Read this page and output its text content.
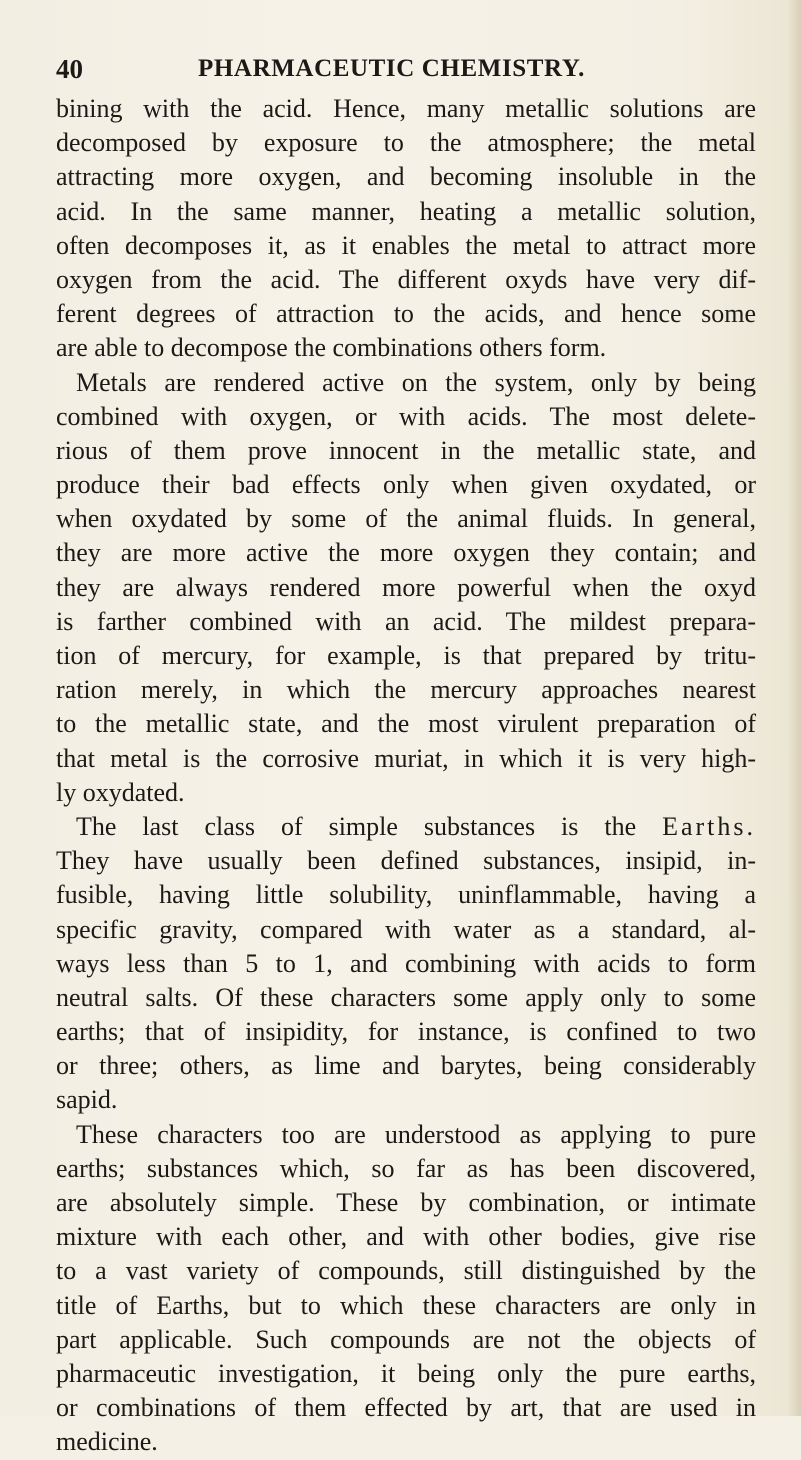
40	PHARMACEUTIC CHEMISTRY.
bining with the acid. Hence, many metallic solutions are
decomposed by exposure to the atmosphere; the metal
attracting more oxygen, and becoming insoluble in the
acid. In the same manner, heating a metallic solution,
often decomposes it, as it enables the metal to attract more
oxygen from the acid. The different oxyds have very dif-
ferent degrees of attraction to the acids, and hence some
are able to decompose the combinations others form.
Metals are rendered active on the system, only by being
combined with oxygen, or with acids. The most delete-
rious of them prove innocent in the metallic state, and
produce their bad effects only when given oxydated, or
when oxydated by some of the animal fluids. In general,
they are more active the more oxygen they contain; and
they are always rendered more powerful when the oxyd
is farther combined with an acid. The mildest prepara-
tion of mercury, for example, is that prepared by tritu-
ration merely, in which the mercury approaches nearest
to the metallic state, and the most virulent preparation of
that metal is the corrosive muriat, in which it is very high-
ly oxydated.
The last class of simple substances is the Earths.
They have usually been defined substances, insipid, in-
fusible, having little solubility, uninflammable, having a
specific gravity, compared with water as a standard, al-
ways less than 5 to 1, and combining with acids to form
neutral salts. Of these characters some apply only to some
earths; that of insipidity, for instance, is confined to two
or three; others, as lime and barytes, being considerably
sapid.
These characters too are understood as applying to pure
earths; substances which, so far as has been discovered,
are absolutely simple. These by combination, or intimate
mixture with each other, and with other bodies, give rise
to a vast variety of compounds, still distinguished by the
title of Earths, but to which these characters are only in
part applicable. Such compounds are not the objects of
pharmaceutic investigation, it being only the pure earths,
or combinations of them effected by art, that are used in
medicine.
